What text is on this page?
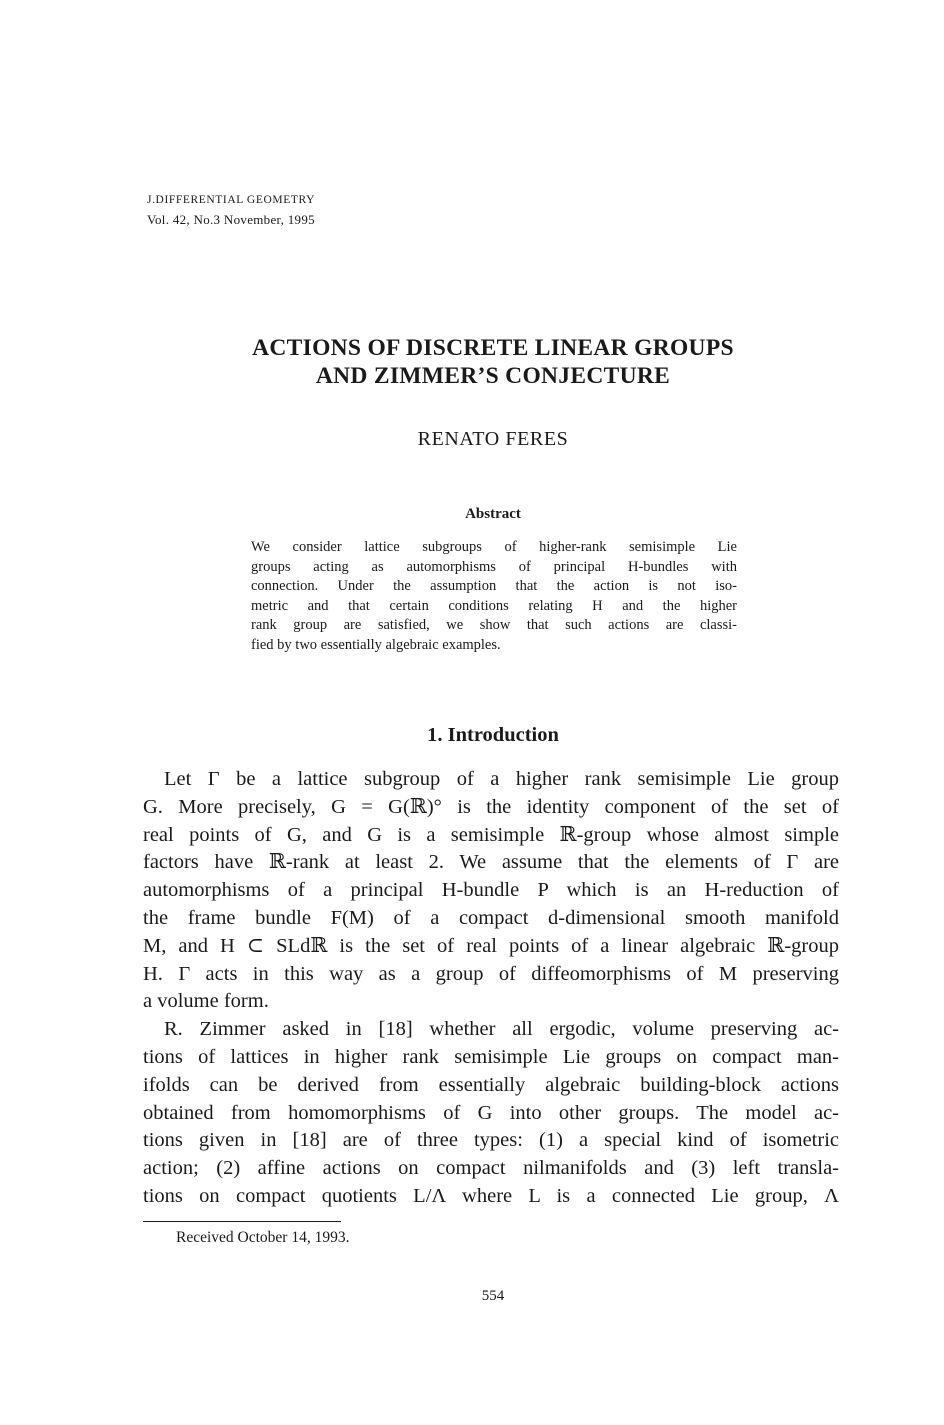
J.DIFFERENTIAL GEOMETRY
Vol. 42, No.3 November, 1995
ACTIONS OF DISCRETE LINEAR GROUPS
AND ZIMMER’S CONJECTURE
RENATO FERES
Abstract
We consider lattice subgroups of higher-rank semisimple Lie
groups acting as automorphisms of principal H-bundles with
connection. Under the assumption that the action is not iso-
metric and that certain conditions relating H and the higher
rank group are satisfied, we show that such actions are classi-
fied by two essentially algebraic examples.
1. Introduction
Let Γ be a lattice subgroup of a higher rank semisimple Lie group
G. More precisely, G = G(ℝ)° is the identity component of the set of
real points of G, and G is a semisimple ℝ-group whose almost simple
factors have ℝ-rank at least 2. We assume that the elements of Γ are
automorphisms of a principal H-bundle P which is an H-reduction of
the frame bundle F(M) of a compact d-dimensional smooth manifold
M, and H ⊂ SLdℝ is the set of real points of a linear algebraic ℝ-group
H. Γ acts in this way as a group of diffeomorphisms of M preserving
a volume form.
R. Zimmer asked in [18] whether all ergodic, volume preserving ac-
tions of lattices in higher rank semisimple Lie groups on compact man-
ifolds can be derived from essentially algebraic building-block actions
obtained from homomorphisms of G into other groups. The model ac-
tions given in [18] are of three types: (1) a special kind of isometric
action; (2) affine actions on compact nilmanifolds and (3) left transla-
tions on compact quotients L/Λ where L is a connected Lie group, Λ
Received October 14, 1993.
554
